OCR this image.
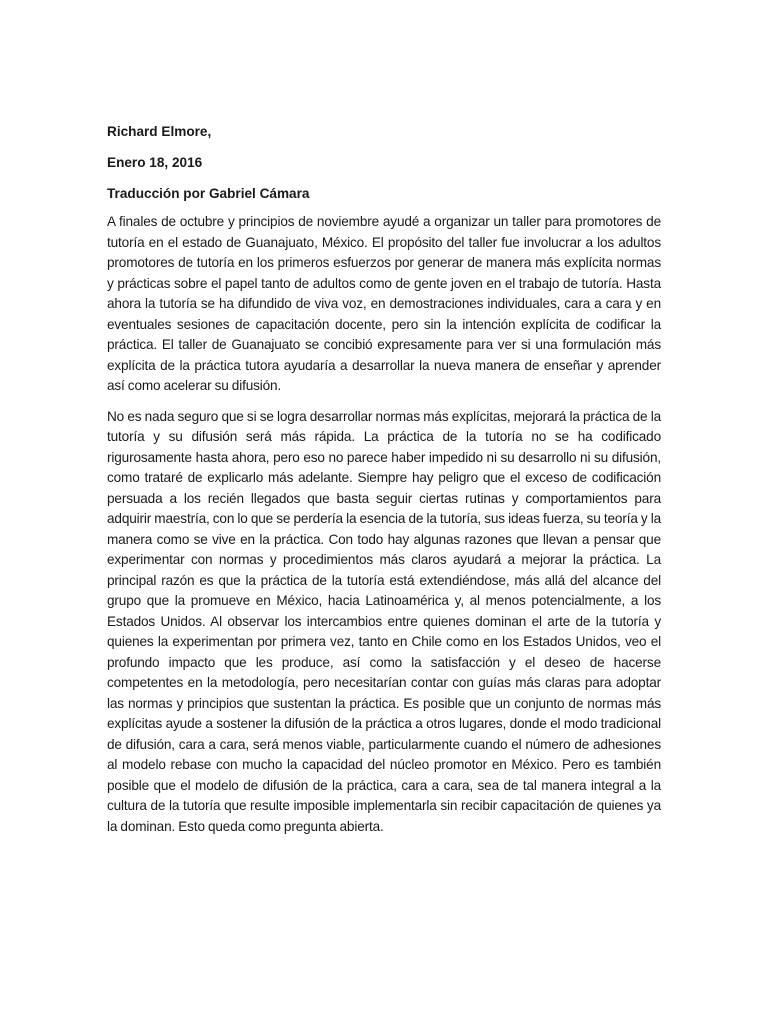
Richard Elmore,

Enero 18, 2016

Traducción por Gabriel Cámara

A finales de octubre y principios de noviembre ayudé a organizar un taller para promotores de tutoría en el estado de Guanajuato, México. El propósito del taller fue involucrar a los adultos promotores de tutoría en los primeros esfuerzos por generar de manera más explícita normas y prácticas sobre el papel tanto de adultos como de gente joven en el trabajo de tutoría. Hasta ahora la tutoría se ha difundido de viva voz, en demostraciones individuales, cara a cara y en eventuales sesiones de capacitación docente, pero sin la intención explícita de codificar la práctica. El taller de Guanajuato se concibió expresamente para ver si una formulación más explícita de la práctica tutora ayudaría a desarrollar la nueva manera de enseñar y aprender así como acelerar su difusión.

No es nada seguro que si se logra desarrollar normas más explícitas, mejorará la práctica de la tutoría y su difusión será más rápida. La práctica de la tutoría no se ha codificado rigurosamente hasta ahora, pero eso no parece haber impedido ni su desarrollo ni su difusión, como trataré de explicarlo más adelante. Siempre hay peligro que el exceso de codificación persuada a los recién llegados que basta seguir ciertas rutinas y comportamientos para adquirir maestría, con lo que se perdería la esencia de la tutoría, sus ideas fuerza, su teoría y la manera como se vive en la práctica. Con todo hay algunas razones que llevan a pensar que experimentar con normas y procedimientos más claros ayudará a mejorar la práctica. La principal razón es que la práctica de la tutoría está extendiéndose, más allá del alcance del grupo que la promueve en México, hacia Latinoamérica y, al menos potencialmente, a los Estados Unidos. Al observar los intercambios entre quienes dominan el arte de la tutoría y quienes la experimentan por primera vez, tanto en Chile como en los Estados Unidos, veo el profundo impacto que les produce, así como la satisfacción y el deseo de hacerse competentes en la metodología, pero necesitarían contar con guías más claras para adoptar las normas y principios que sustentan la práctica. Es posible que un conjunto de normas más explícitas ayude a sostener la difusión de la práctica a otros lugares, donde el modo tradicional de difusión, cara a cara, será menos viable, particularmente cuando el número de adhesiones al modelo rebase con mucho la capacidad del núcleo promotor en México. Pero es también posible que el modelo de difusión de la práctica, cara a cara, sea de tal manera integral a la cultura de la tutoría que resulte imposible implementarla sin recibir capacitación de quienes ya la dominan. Esto queda como pregunta abierta.
